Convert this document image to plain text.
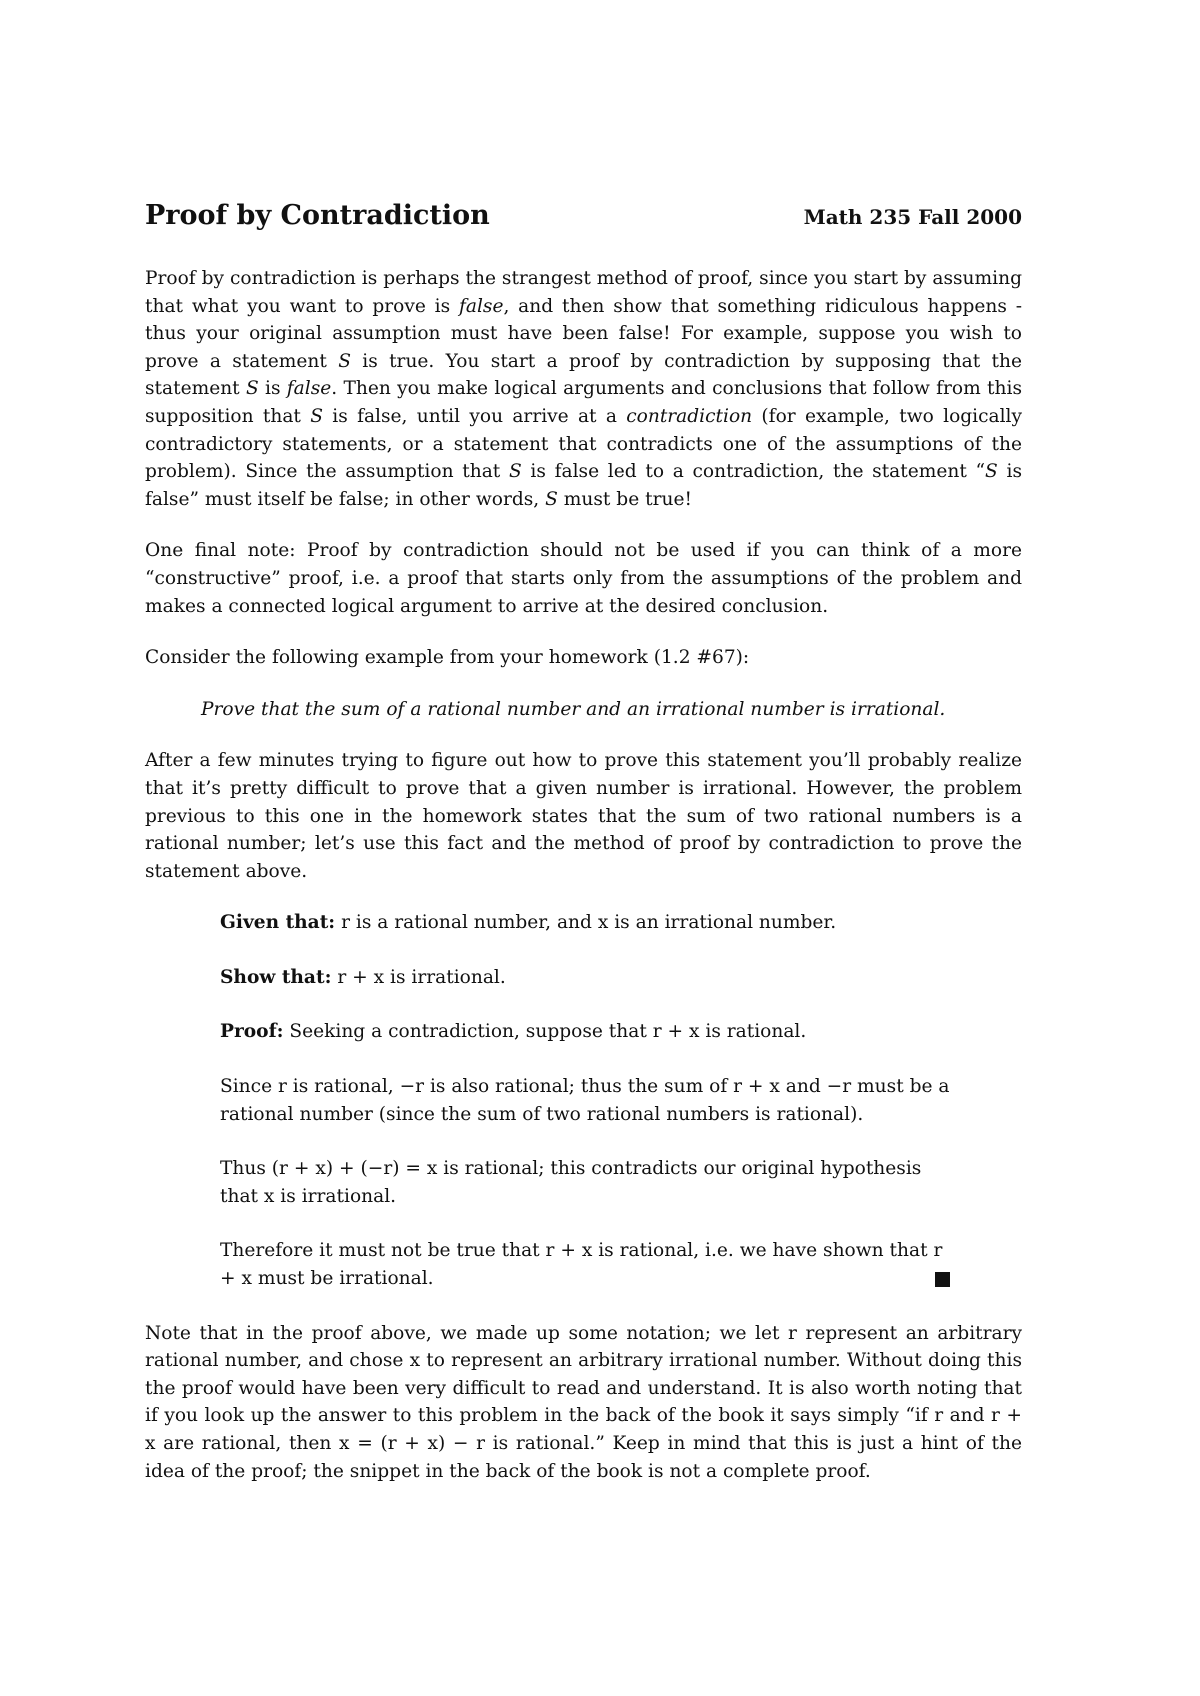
Proof by Contradiction	Math 235 Fall 2000

Proof by contradiction is perhaps the strangest method of proof, since you start by assuming that what you want to prove is false, and then show that something ridiculous happens - thus your original assumption must have been false! For example, suppose you wish to prove a statement S is true. You start a proof by contradiction by supposing that the statement S is false. Then you make logical arguments and conclusions that follow from this supposition that S is false, until you arrive at a contradiction (for example, two logically contradictory statements, or a statement that contradicts one of the assumptions of the problem). Since the assumption that S is false led to a contradiction, the statement “S is false” must itself be false; in other words, S must be true!

One final note: Proof by contradiction should not be used if you can think of a more “constructive” proof, i.e. a proof that starts only from the assumptions of the problem and makes a connected logical argument to arrive at the desired conclusion.

Consider the following example from your homework (1.2 #67):

Prove that the sum of a rational number and an irrational number is irrational.

After a few minutes trying to figure out how to prove this statement you’ll probably realize that it’s pretty difficult to prove that a given number is irrational. However, the problem previous to this one in the homework states that the sum of two rational numbers is a rational number; let’s use this fact and the method of proof by contradiction to prove the statement above.

Given that: r is a rational number, and x is an irrational number.

Show that: r + x is irrational.

Proof: Seeking a contradiction, suppose that r + x is rational.

Since r is rational, −r is also rational; thus the sum of r + x and −r must be a rational number (since the sum of two rational numbers is rational).

Thus (r + x) + (−r) = x is rational; this contradicts our original hypothesis that x is irrational.

Therefore it must not be true that r + x is rational, i.e. we have shown that r + x must be irrational.

Note that in the proof above, we made up some notation; we let r represent an arbitrary rational number, and chose x to represent an arbitrary irrational number. Without doing this the proof would have been very difficult to read and understand. It is also worth noting that if you look up the answer to this problem in the back of the book it says simply “if r and r + x are rational, then x = (r + x) − r is rational.” Keep in mind that this is just a hint of the idea of the proof; the snippet in the back of the book is not a complete proof.
